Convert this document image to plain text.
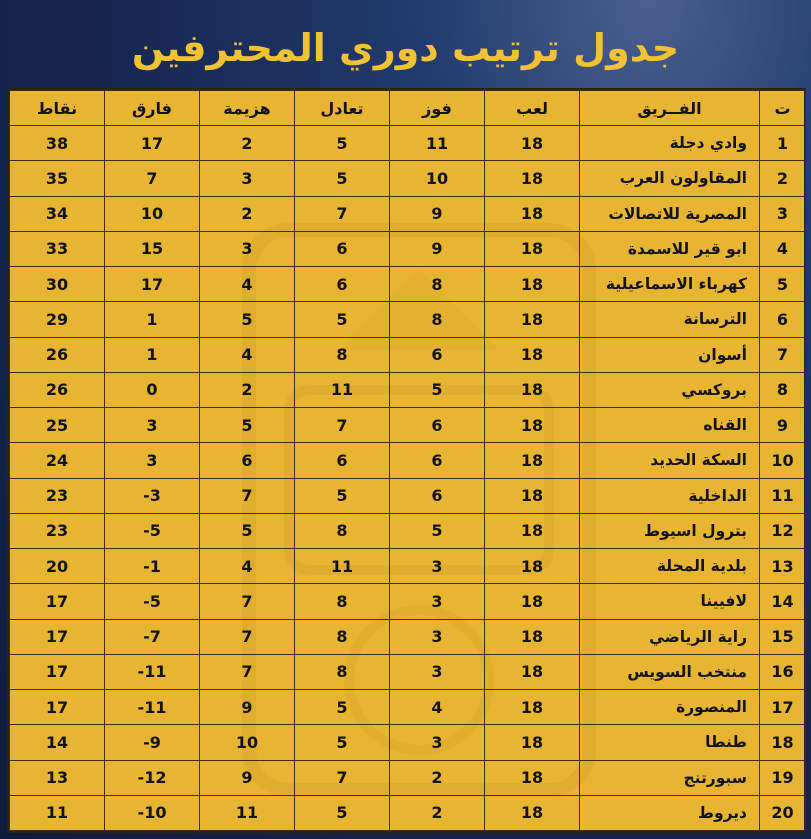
جدول ترتيب دوري المحترفين
ت	الفــريق	لعب	فوز	تعادل	هزيمة	فارق	نقاط
1	وادي دجلة	18	11	5	2	17	38
2	المقاولون العرب	18	10	5	3	7	35
3	المصرية للاتصالات	18	9	7	2	10	34
4	ابو قير للاسمدة	18	9	6	3	15	33
5	كهرباء الاسماعيلية	18	8	6	4	17	30
6	الترسانة	18	8	5	5	1	29
7	أسوان	18	6	8	4	1	26
8	بروكسي	18	5	11	2	0	26
9	القناه	18	6	7	5	3	25
10	السكة الحديد	18	6	6	6	3	24
11	الداخلية	18	6	5	7	3-	23
12	بترول اسيوط	18	5	8	5	5-	23
13	بلدية المحلة	18	3	11	4	1-	20
14	لافيينا	18	3	8	7	5-	17
15	راية الرياضي	18	3	8	7	7-	17
16	منتخب السويس	18	3	8	7	11-	17
17	المنصورة	18	4	5	9	11-	17
18	طنطا	18	3	5	10	9-	14
19	سبورتنج	18	2	7	9	12-	13
20	ديروط	18	2	5	11	10-	11
